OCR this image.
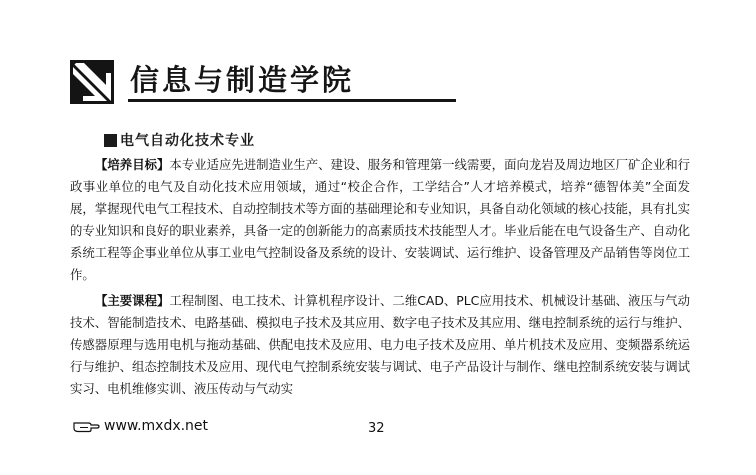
信息与制造学院
电气自动化技术专业

【培养目标】本专业适应先进制造业生产、建设、服务和管理第一线需要，面向龙岩及周边地区厂矿企业和行政事业单位的电气及自动化技术应用领域，通过“校企合作，工学结合”人才培养模式，培养“德智体美”全面发展，掌握现代电气工程技术、自动控制技术等方面的基础理论和专业知识，具备自动化领域的核心技能，具有扎实的专业知识和良好的职业素养，具备一定的创新能力的高素质技术技能型人才。毕业后能在电气设备生产、自动化系统工程等企事业单位从事工业电气控制设备及系统的设计、安装调试、运行维护、设备管理及产品销售等岗位工作。

【主要课程】工程制图、电工技术、计算机程序设计、二维CAD、PLC应用技术、机械设计基础、液压与气动技术、智能制造技术、电路基础、模拟电子技术及其应用、数字电子技术及其应用、继电控制系统的运行与维护、传感器原理与选用电机与拖动基础、供配电技术及应用、电力电子技术及应用、单片机技术及应用、变频器系统运行与维护、组态控制技术及应用、现代电气控制系统安装与调试、电子产品设计与制作、继电控制系统安装与调试实习、电机维修实训、液压传动与气动实

www.mxdx.net	32
